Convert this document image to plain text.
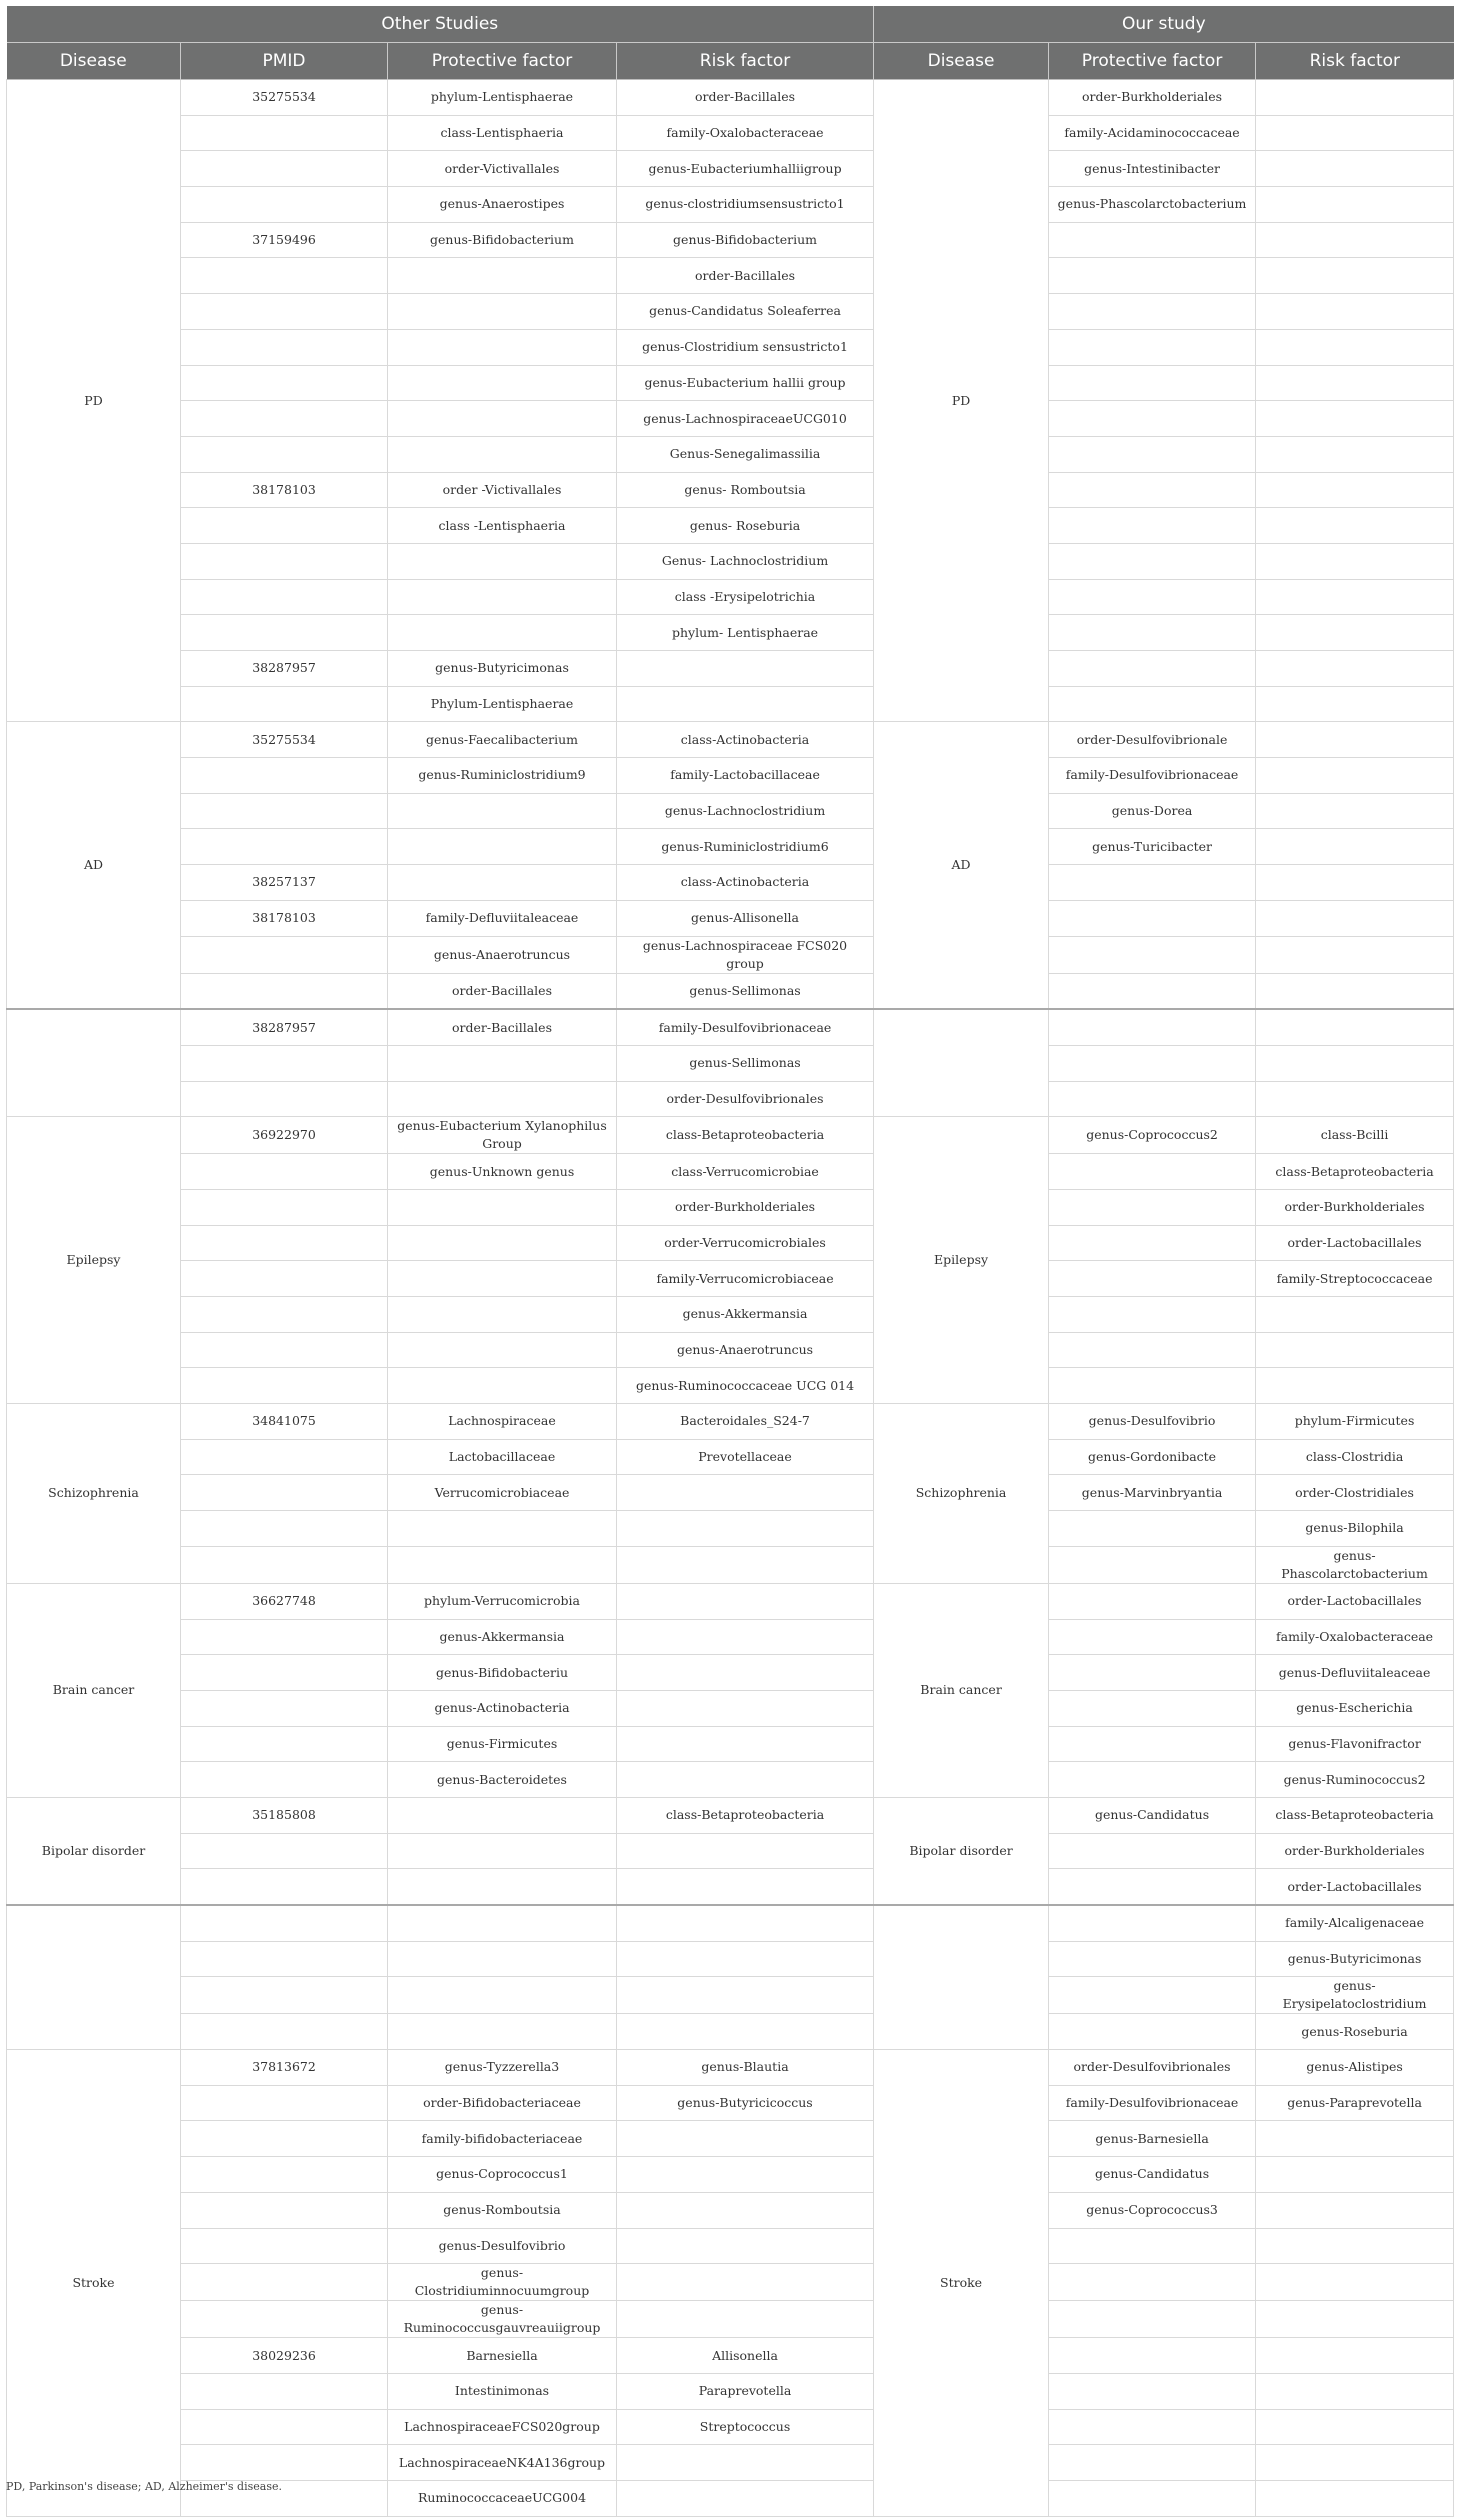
Other Studies				Our study		
Disease	PMID	Protective factor	Risk factor	Disease	Protective factor	Risk factor
PD	35275534	phylum-Lentisphaerae	order-Bacillales	PD	order-Burkholderiales	
		class-Lentisphaeria	family-Oxalobacteraceae		family-Acidaminococcaceae	
		order-Victivallales	genus-Eubacteriumhalliigroup		genus-Intestinibacter	
		genus-Anaerostipes	genus-clostridiumsensustricto1		genus-Phascolarctobacterium	
	37159496	genus-Bifidobacterium	genus-Bifidobacterium			
			order-Bacillales			
			genus-Candidatus Soleaferrea			
			genus-Clostridium sensustricto1			
			genus-Eubacterium hallii group			
			genus-LachnospiraceaeUCG010			
			Genus-Senegalimassilia			
	38178103	order -Victivallales	genus- Romboutsia			
		class -Lentisphaeria	genus- Roseburia			
			Genus- Lachnoclostridium			
			class -Erysipelotrichia			
			phylum- Lentisphaerae			
	38287957	genus-Butyricimonas				
		Phylum-Lentisphaerae				
AD	35275534	genus-Faecalibacterium	class-Actinobacteria	AD	order-Desulfovibrionale	
		genus-Ruminiclostridium9	family-Lactobacillaceae		family-Desulfovibrionaceae	
			genus-Lachnoclostridium		genus-Dorea	
			genus-Ruminiclostridium6		genus-Turicibacter	
	38257137		class-Actinobacteria			
	38178103	family-Defluviitaleaceae	genus-Allisonella			
		genus-Anaerotruncus	genus-Lachnospiraceae FCS020 group			
		order-Bacillales	genus-Sellimonas			
	38287957	order-Bacillales	family-Desulfovibrionaceae			
			genus-Sellimonas			
			order-Desulfovibrionales			
Epilepsy	36922970	genus-Eubacterium Xylanophilus Group	class-Betaproteobacteria	Epilepsy	genus-Coprococcus2	class-Bcilli
		genus-Unknown genus	class-Verrucomicrobiae			class-Betaproteobacteria
			order-Burkholderiales			order-Burkholderiales
			order-Verrucomicrobiales			order-Lactobacillales
			family-Verrucomicrobiaceae			family-Streptococcaceae
			genus-Akkermansia			
			genus-Anaerotruncus			
			genus-Ruminococcaceae UCG 014			
Schizophrenia	34841075	Lachnospiraceae	Bacteroidales_S24-7	Schizophrenia	genus-Desulfovibrio	phylum-Firmicutes
		Lactobacillaceae	Prevotellaceae		genus-Gordonibacte	class-Clostridia
		Verrucomicrobiaceae			genus-Marvinbryantia	order-Clostridiales
						genus-Bilophila
						genus-Phascolarctobacterium
Brain cancer	36627748	phylum-Verrucomicrobia		Brain cancer		order-Lactobacillales
		genus-Akkermansia				family-Oxalobacteraceae
		genus-Bifidobacteriu				genus-Defluviitaleaceae
		genus-Actinobacteria				genus-Escherichia
		genus-Firmicutes				genus-Flavonifractor
		genus-Bacteroidetes				genus-Ruminococcus2
Bipolar disorder	35185808		class-Betaproteobacteria	Bipolar disorder	genus-Candidatus	class-Betaproteobacteria
						order-Burkholderiales
						order-Lactobacillales
						family-Alcaligenaceae
						genus-Butyricimonas
						genus-Erysipelatoclostridium
						genus-Roseburia
Stroke	37813672	genus-Tyzzerella3	genus-Blautia	Stroke	order-Desulfovibrionales	genus-Alistipes
		order-Bifidobacteriaceae	genus-Butyricicoccus		family-Desulfovibrionaceae	genus-Paraprevotella
		family-bifidobacteriaceae			genus-Barnesiella	
		genus-Coprococcus1			genus-Candidatus	
		genus-Romboutsia			genus-Coprococcus3	
		genus-Desulfovibrio				
		genus-Clostridiuminnocuumgroup				
		genus-Ruminococcusgauvreauiigroup				
	38029236	Barnesiella	Allisonella			
		Intestinimonas	Paraprevotella			
		LachnospiraceaeFCS020group	Streptococcus			
		LachnospiraceaeNK4A136group				
		RuminococcaceaeUCG004				
PD, Parkinson's disease; AD, Alzheimer's disease.
